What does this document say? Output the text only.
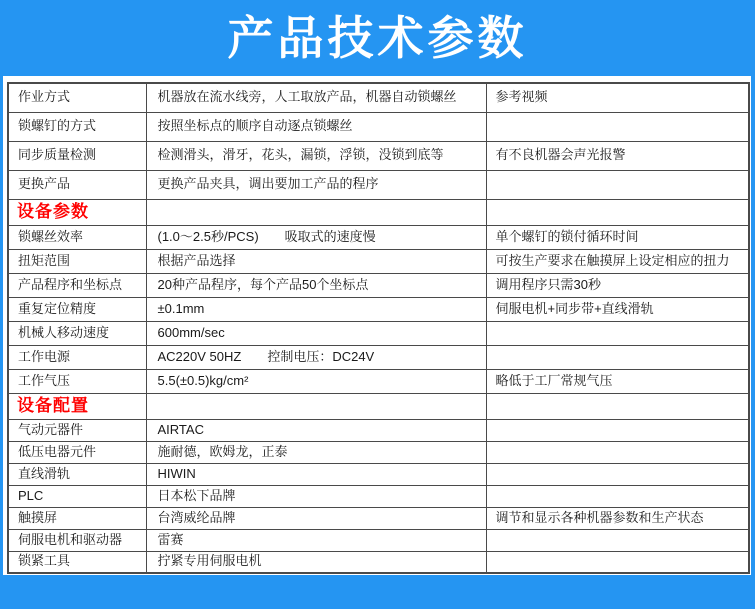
产品技术参数
作业方式	机器放在流水线旁，人工取放产品，机器自动锁螺丝	参考视频
锁螺钉的方式	按照坐标点的顺序自动逐点锁螺丝	
同步质量检测	检测滑头，滑牙，花头，漏锁，浮锁，没锁到底等	有不良机器会声光报警
更换产品	更换产品夹具，调出要加工产品的程序	
设备参数		
锁螺丝效率	(1.0～2.5秒/PCS)　　吸取式的速度慢	单个螺钉的锁付循环时间
扭矩范围	根据产品选择	可按生产要求在触摸屏上设定相应的扭力
产品程序和坐标点	20种产品程序，每个产品50个坐标点	调用程序只需30秒
重复定位精度	±0.1mm	伺服电机+同步带+直线滑轨
机械人移动速度	600mm/sec	
工作电源	AC220V 50HZ　　控制电压：DC24V	
工作气压	5.5(±0.5)kg/cm²	略低于工厂常规气压
设备配置		
气动元器件	AIRTAC	
低压电器元件	施耐德，欧姆龙，正泰	
直线滑轨	HIWIN	
PLC	日本松下品牌	
触摸屏	台湾威纶品牌	调节和显示各种机器参数和生产状态
伺服电机和驱动器	雷赛	
锁紧工具	拧紧专用伺服电机	
